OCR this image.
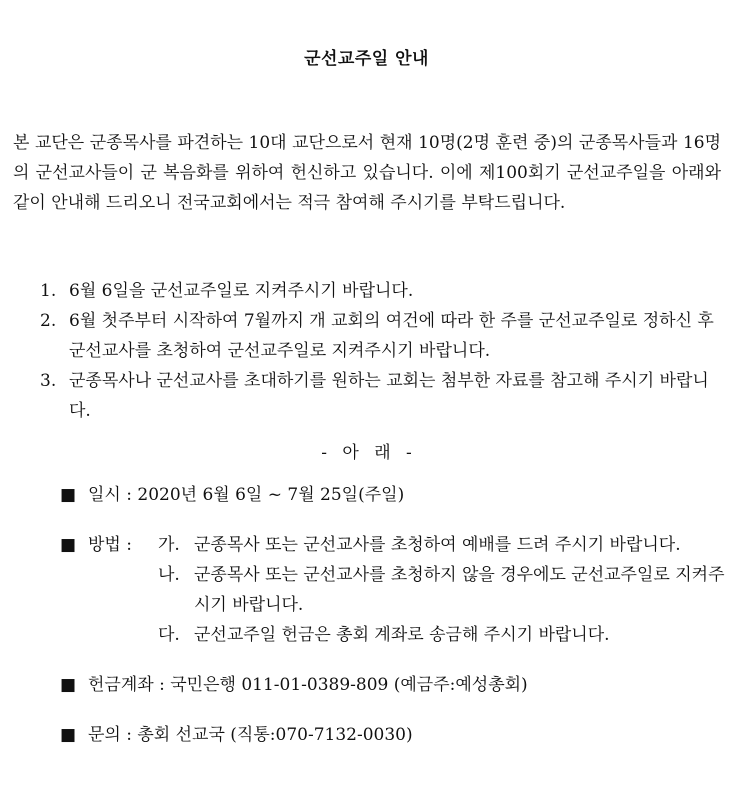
군선교주일 안내

본 교단은 군종목사를 파견하는 10대 교단으로서 현재 10명(2명 훈련 중)의 군종목사들과 16명의 군선교사들이 군 복음화를 위하여 헌신하고 있습니다. 이에 제100회기 군선교주일을 아래와 같이 안내해 드리오니 전국교회에서는 적극 참여해 주시기를 부탁드립니다.

1. 6월 6일을 군선교주일로 지켜주시기 바랍니다.
2. 6월 첫주부터 시작하여 7월까지 개 교회의 여건에 따라 한 주를 군선교주일로 정하신 후 군선교사를 초청하여 군선교주일로 지켜주시기 바랍니다.
3. 군종목사나 군선교사를 초대하기를 원하는 교회는 첨부한 자료를 참고해 주시기 바랍니다.
- 아 래 -
■ 일시 : 2020년 6월 6일 ~ 7월 25일(주일)
■ 방법 : 가. 군종목사 또는 군선교사를 초청하여 예배를 드려 주시기 바랍니다.
나. 군종목사 또는 군선교사를 초청하지 않을 경우에도 군선교주일로 지켜주시기 바랍니다.
다. 군선교주일 헌금은 총회 계좌로 송금해 주시기 바랍니다.
■ 헌금계좌 : 국민은행 011-01-0389-809 (예금주:예성총회)
■ 문의 : 총회 선교국 (직통:070-7132-0030)
